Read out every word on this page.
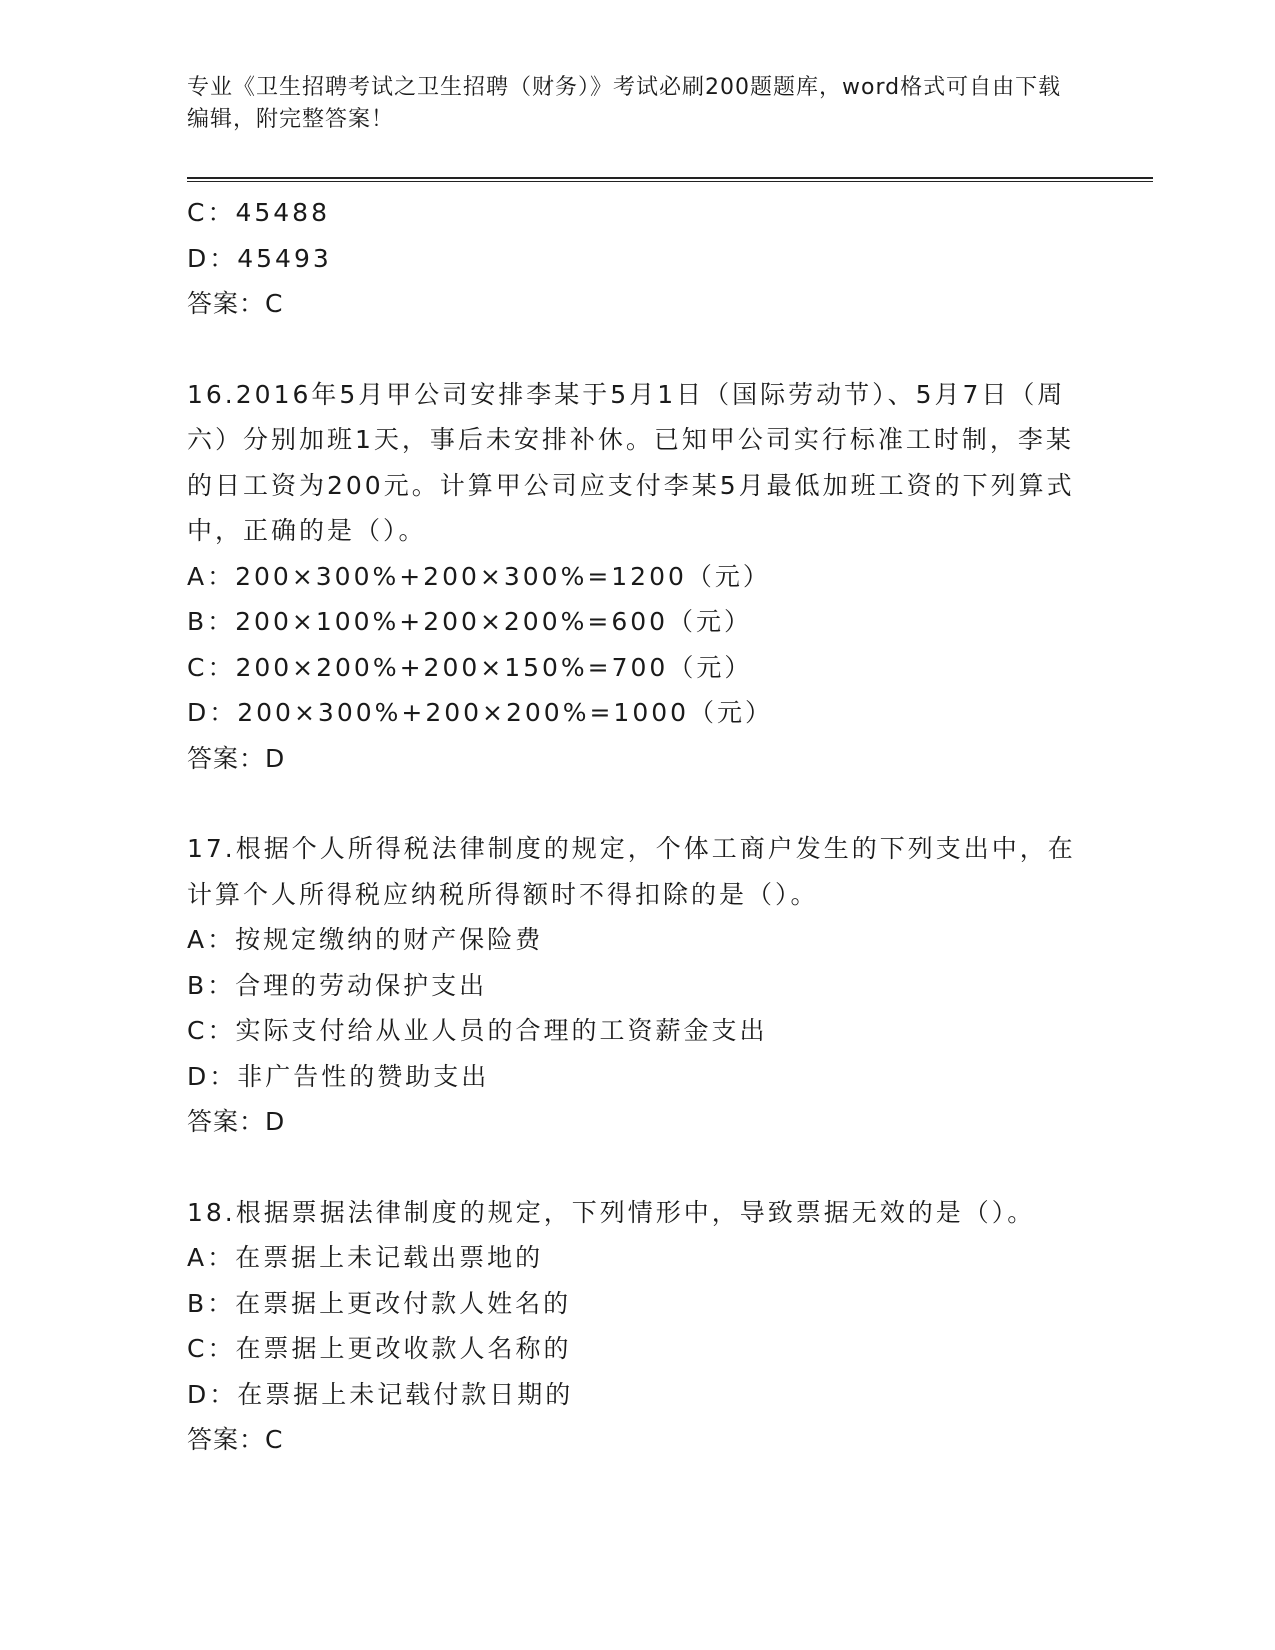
专业《卫生招聘考试之卫生招聘（财务）》考试必刷200题题库，word格式可自由下载编辑，附完整答案！
C：45488
D：45493
答案：C
16.2016年5月甲公司安排李某于5月1日（国际劳动节）、5月7日（周六）分别加班1天，事后未安排补休。已知甲公司实行标准工时制，李某的日工资为200元。计算甲公司应支付李某5月最低加班工资的下列算式中，正确的是（）。
A：200×300%+200×300%=1200（元）
B：200×100%+200×200%=600（元）
C：200×200%+200×150%=700（元）
D：200×300%+200×200%=1000（元）
答案：D
17.根据个人所得税法律制度的规定，个体工商户发生的下列支出中，在计算个人所得税应纳税所得额时不得扣除的是（）。
A：按规定缴纳的财产保险费
B：合理的劳动保护支出
C：实际支付给从业人员的合理的工资薪金支出
D：非广告性的赞助支出
答案：D
18.根据票据法律制度的规定，下列情形中，导致票据无效的是（）。
A：在票据上未记载出票地的
B：在票据上更改付款人姓名的
C：在票据上更改收款人名称的
D：在票据上未记载付款日期的
答案：C
